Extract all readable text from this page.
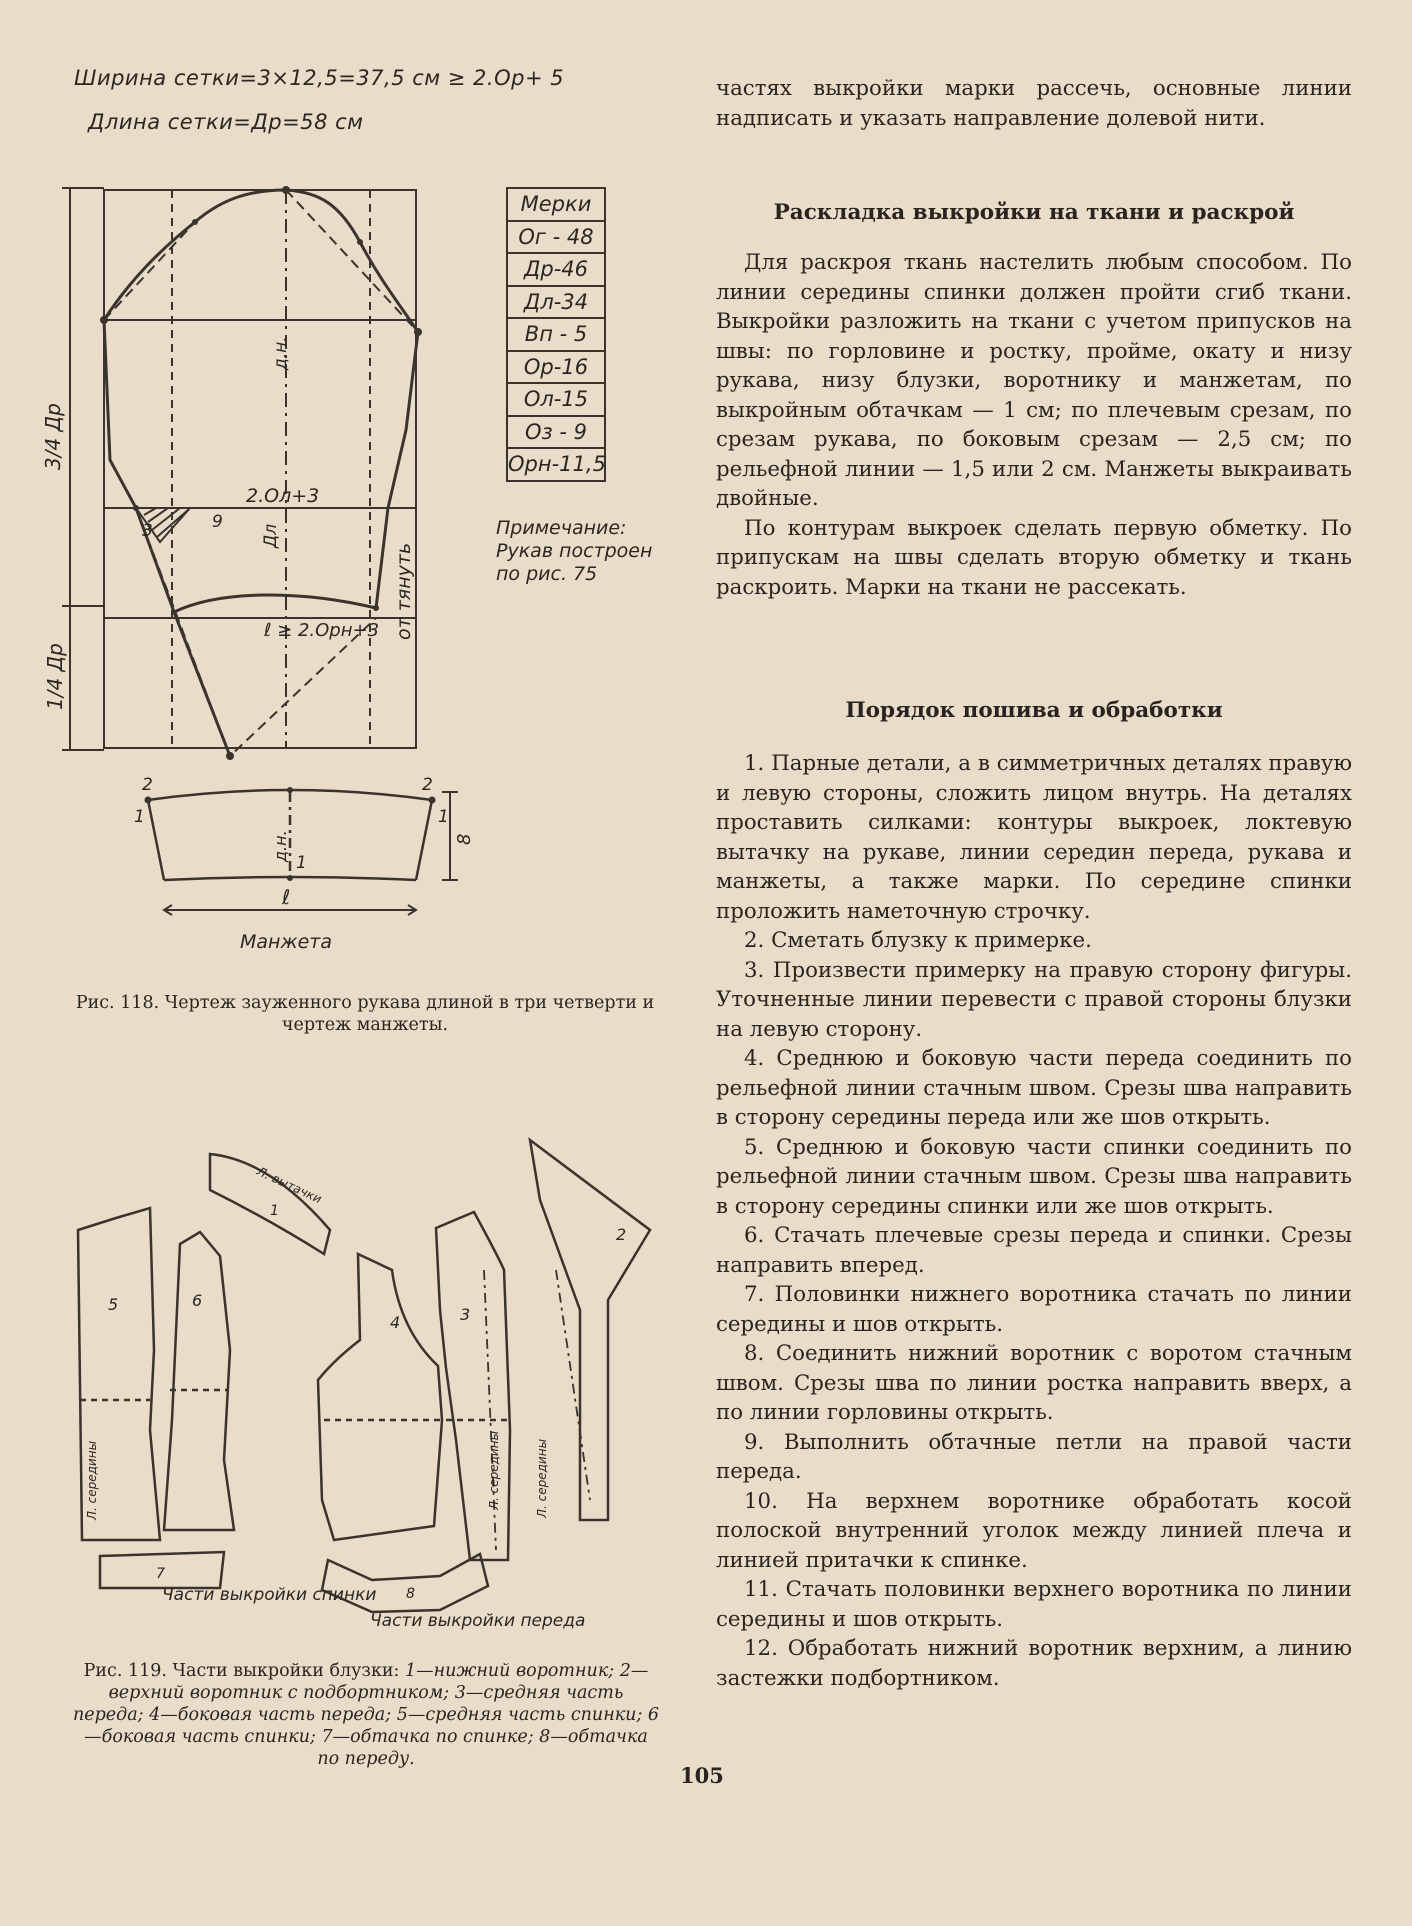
Ширина сетки=3×12,5=37,5 см ≥ 2.Ор+ 5
Длина сетки=Др=58 см
3/4 Др
1/4 Др
д.н.
Дл
2.Ол+3
ℓ ≥ 2.Орн+3 от тянуть
3	9
Мерки
Ог - 48
Др-46
Дл-34
Вп - 5
Ор-16
Ол-15
Оз - 9
Орн-11,5
Примечание:
Рукав построен
по рис. 75
2	2
1	1
1
д.н.
ℓ
8
Манжета
Рис. 118. Чертеж зауженного рукава длиной в три четверти и чертеж манжеты.
1
2
3
4
5	6
7
8
Л. середины	Л. середины
Л. середины
Л. вытачки
Части выкройки спинки
Части выкройки переда
Рис. 119. Части выкройки блузки: 1—нижний воротник; 2—верхний воротник с подбортником; 3—средняя часть переда; 4—боковая часть переда; 5—средняя часть спинки; 6—боковая часть спинки; 7—обтачка по спинке; 8—обтачка по переду.

частях выкройки марки рассечь, основные линии надписать и указать направление долевой нити.

Раскладка выкройки на ткани и раскрой

Для раскроя ткань настелить любым способом. По линии середины спинки должен пройти сгиб ткани. Выкройки разложить на ткани с учетом припусков на швы: по горловине и ростку, пройме, окату и низу рукава, низу блузки, воротнику и манжетам, по выкройным обтачкам — 1 см; по плечевым срезам, по срезам рукава, по боковым срезам — 2,5 см; по рельефной линии — 1,5 или 2 см. Манжеты выкраивать двойные.

По контурам выкроек сделать первую обметку. По припускам на швы сделать вторую обметку и ткань раскроить. Марки на ткани не рассекать.

Порядок пошива и обработки

1. Парные детали, а в симметричных деталях правую и левую стороны, сложить лицом внутрь. На деталях проставить силками: контуры выкроек, локтевую вытачку на рукаве, линии середин переда, рукава и манжеты, а также марки. По середине спинки проложить наметочную строчку.

2. Сметать блузку к примерке.

3. Произвести примерку на правую сторону фигуры. Уточненные линии перевести с правой стороны блузки на левую сторону.

4. Среднюю и боковую части переда соединить по рельефной линии стачным швом. Срезы шва направить в сторону середины переда или же шов открыть.

5. Среднюю и боковую части спинки соединить по рельефной линии стачным швом. Срезы шва направить в сторону середины спинки или же шов открыть.

6. Стачать плечевые срезы переда и спинки. Срезы направить вперед.

7. Половинки нижнего воротника стачать по линии середины и шов открыть.

8. Соединить нижний воротник с воротом стачным швом. Срезы шва по линии ростка направить вверх, а по линии горловины открыть.

9. Выполнить обтачные петли на правой части переда.

10. На верхнем воротнике обработать косой полоской внутренний уголок между линией плеча и линией притачки к спинке.

11. Стачать половинки верхнего воротника по линии середины и шов открыть.

12. Обработать нижний воротник верхним, а линию застежки подбортником.

105
